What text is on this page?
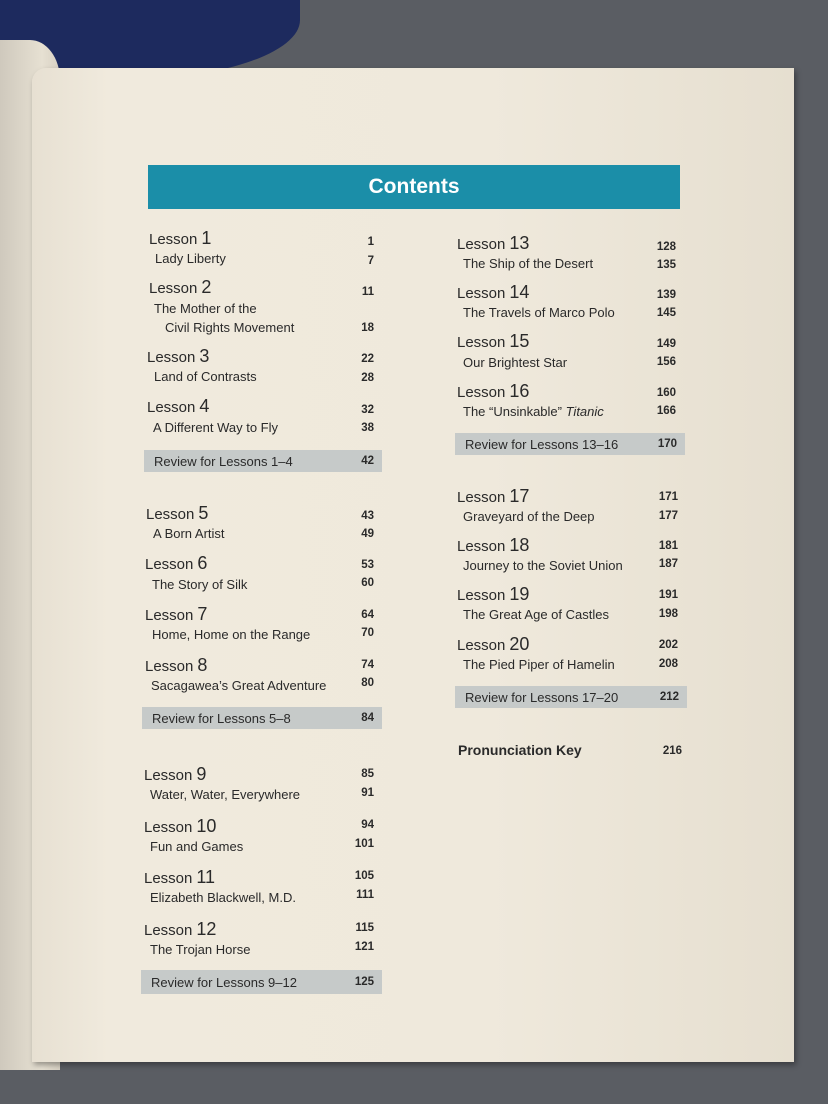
Contents
Lesson 1	1
Lady Liberty	7
Lesson 2	11
The Mother of the
Civil Rights Movement	18
Lesson 3	22
Land of Contrasts	28
Lesson 4	32
A Different Way to Fly	38
Review for Lessons 1–4	42
Lesson 5	43
A Born Artist	49
Lesson 6	53
The Story of Silk	60
Lesson 7	64
Home, Home on the Range	70
Lesson 8	74
Sacagawea’s Great Adventure	80
Review for Lessons 5–8	84
Lesson 9	85
Water, Water, Everywhere	91
Lesson 10	94
Fun and Games	101
Lesson 11	105
Elizabeth Blackwell, M.D.	111
Lesson 12	115
The Trojan Horse	121
Review for Lessons 9–12	125
Lesson 13	128
The Ship of the Desert	135
Lesson 14	139
The Travels of Marco Polo	145
Lesson 15	149
Our Brightest Star	156
Lesson 16	160
The “Unsinkable” Titanic	166
Review for Lessons 13–16	170
Lesson 17	171
Graveyard of the Deep	177
Lesson 18	181
Journey to the Soviet Union	187
Lesson 19	191
The Great Age of Castles	198
Lesson 20	202
The Pied Piper of Hamelin	208
Review for Lessons 17–20	212
Pronunciation Key	216
